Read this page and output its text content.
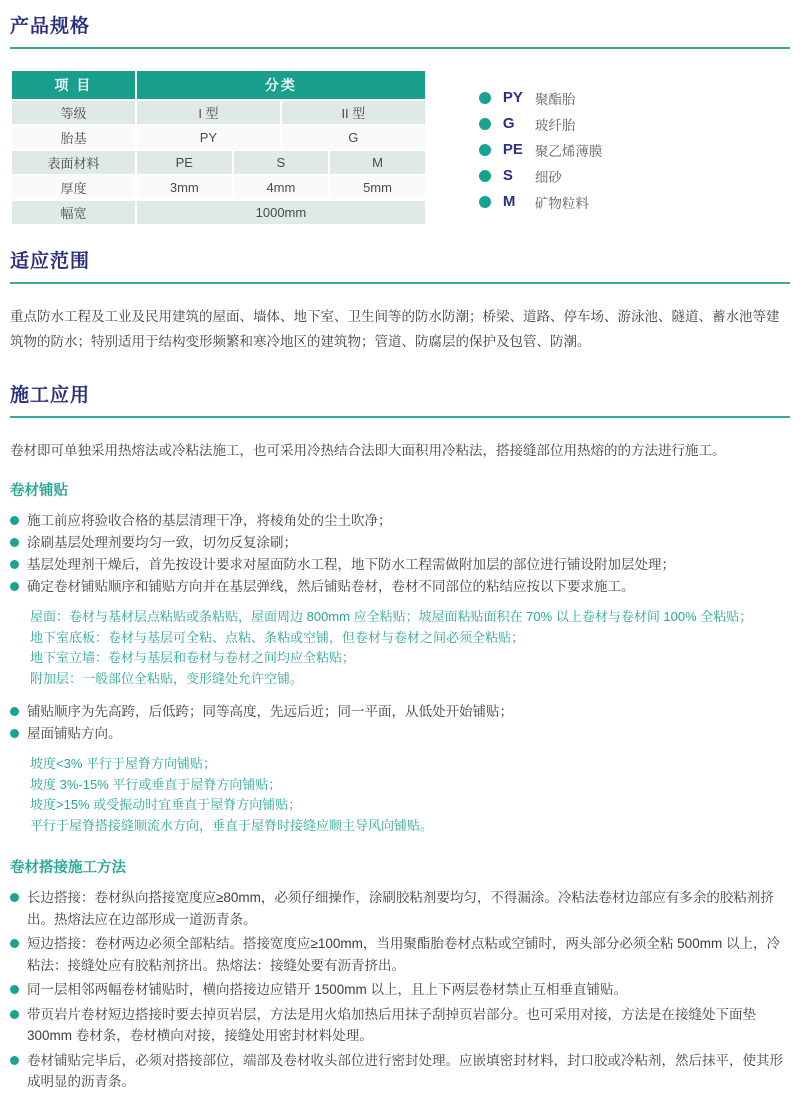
产品规格
项 目	分类			
等级	I 型		II 型	
胎基	PY		G	
表面材料	PE	S		M
厚度	3mm	4mm		5mm
幅宽	1000mm			
PY 聚酯胎
G	玻纤胎
PE 聚乙烯薄膜
S	细砂
M	矿物粒料
适应范围

重点防水工程及工业及民用建筑的屋面、墙体、地下室、卫生间等的防水防潮；桥梁、道路、停车场、游泳池、隧道、蓄水池等建筑物的防水；特别适用于结构变形频繁和寒冷地区的建筑物；管道、防腐层的保护及包管、防潮。

施工应用

卷材即可单独采用热熔法或冷粘法施工，也可采用冷热结合法即大面积用冷粘法，搭接缝部位用热熔的的方法进行施工。

卷材铺贴
施工前应将验收合格的基层清理干净，将棱角处的尘土吹净；
涂刷基层处理剂要均匀一致，切勿反复涂刷；
基层处理剂干燥后，首先按设计要求对屋面防水工程，地下防水工程需做附加层的部位进行铺设附加层处理；
确定卷材铺贴顺序和铺贴方向并在基层弹线，然后铺贴卷材，卷材不同部位的粘结应按以下要求施工。
屋面：卷材与基材层点粘贴或条粘贴，屋面周边 800mm 应全粘贴；坡屋面粘贴面积在 70% 以上卷材与卷材间 100% 全粘贴；
地下室底板：卷材与基层可全粘、点粘、条粘或空铺，但卷材与卷材之间必须全粘贴；
地下室立墙：卷材与基层和卷材与卷材之间均应全粘贴；
附加层：一般部位全粘贴，变形缝处允许空铺。
铺贴顺序为先高跨，后低跨；同等高度，先远后近；同一平面，从低处开始铺贴；
屋面铺贴方向。
坡度<3% 平行于屋脊方向铺贴；
坡度 3%-15% 平行或垂直于屋脊方向铺贴；
坡度>15% 或受振动时宜垂直于屋脊方向铺贴；
平行于屋脊搭接缝顺流水方向，垂直于屋脊时接缝应顺主导风向铺贴。
卷材搭接施工方法
长边搭接：卷材纵向搭接宽度应≥80mm，必须仔细操作，涂刷胶粘剂要均匀，不得漏涂。冷粘法卷材边部应有多余的胶粘剂挤出。热熔法应在边部形成一道沥青条。
短边搭接：卷材两边必须全部粘结。搭接宽度应≥100mm，当用聚酯胎卷材点粘或空铺时，两头部分必须全粘 500mm 以上，冷粘法：接缝处应有胶粘剂挤出。热熔法：接缝处要有沥青挤出。
同一层相邻两幅卷材铺贴时，横向搭接边应错开 1500mm 以上，且上下两层卷材禁止互相垂直铺贴。
带页岩片卷材短边搭接时要去掉页岩层，方法是用火焰加热后用抹子刮掉页岩部分。也可采用对接，方法是在接缝处下面垫 300mm 卷材条，卷材横向对接，接缝处用密封材料处理。
卷材铺贴完毕后，必须对搭接部位，端部及卷材收头部位进行密封处理。应嵌填密封材料，封口胶或冷粘剂，然后抹平，使其形成明显的沥青条。
